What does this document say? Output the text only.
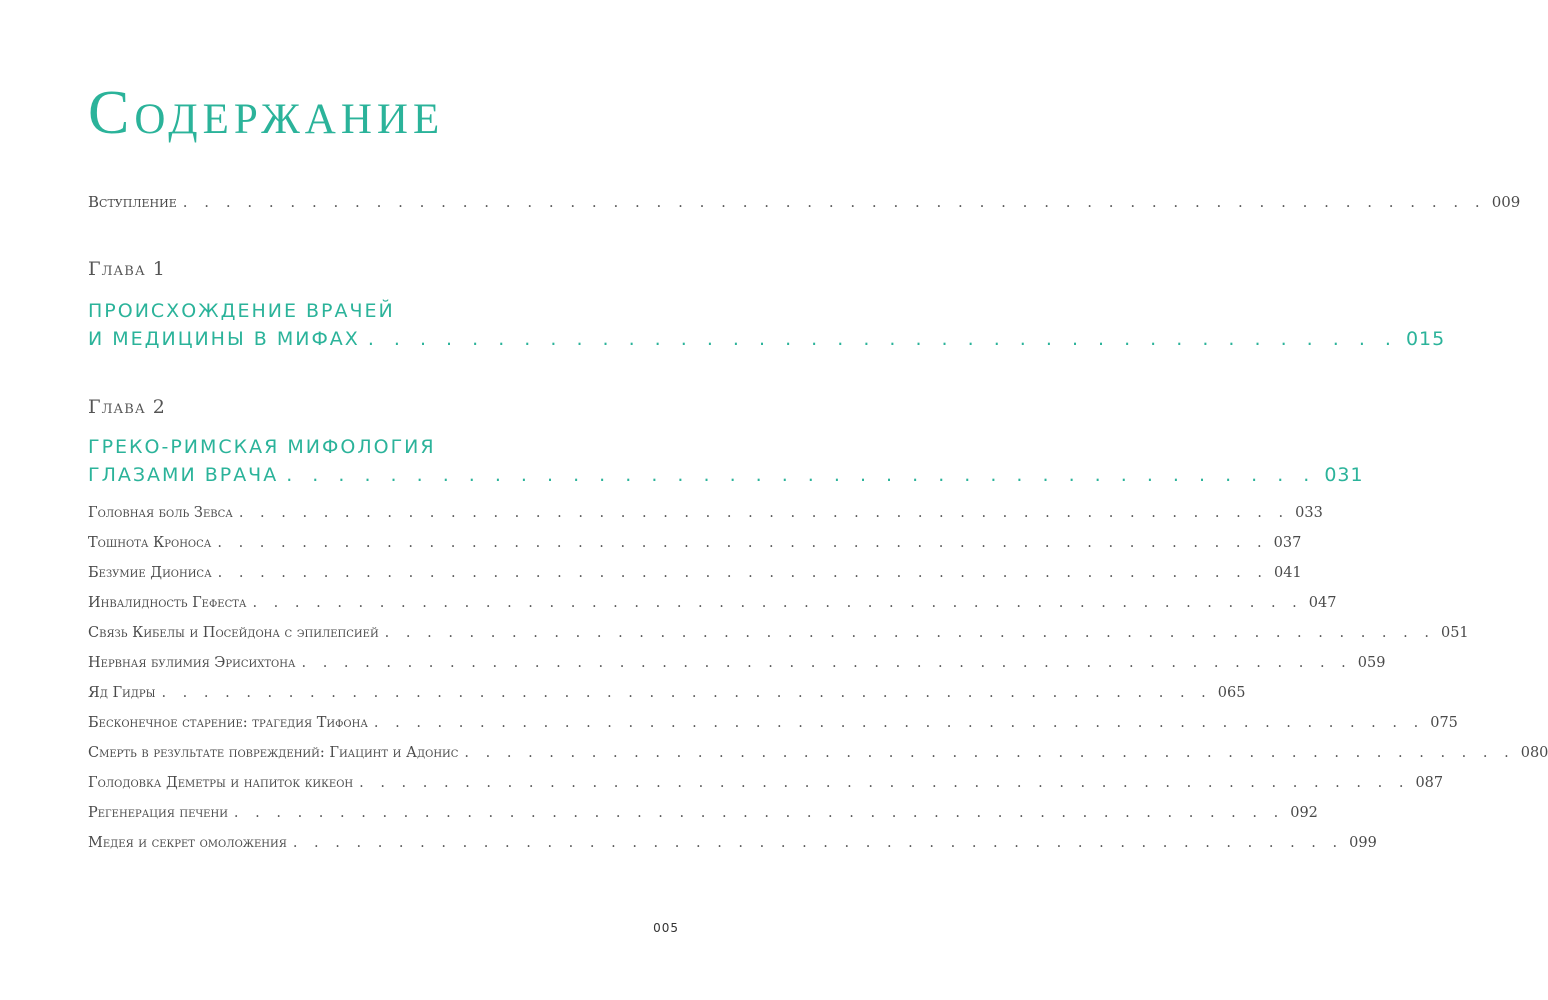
Содержание
Вступление . . . . . . . . . . . . . . . . . . . . . . . . . . . . . . . . . . . . . . . . . . . . . . . . . . . . . . . . . . . . . 009
Глава 1
ПРОИСХОЖДЕНИЕ ВРАЧЕЙ
И МЕДИЦИНЫ В МИФАХ . . . . . . . . . . . . . . . . . . . . . . . . . . . . . . . . . . . . . . . . 015
Глава 2
ГРЕКО-РИМСКАЯ МИФОЛОГИЯ
ГЛАЗАМИ ВРАЧА . . . . . . . . . . . . . . . . . . . . . . . . . . . . . . . . . . . . . . . . 031
Головная боль Зевса . . . . . . . . . . . . . . . . . . . . . . . . . . . . . . . . . . . . . . . . . . . . . . . . . . 033
Тошнота Кроноса . . . . . . . . . . . . . . . . . . . . . . . . . . . . . . . . . . . . . . . . . . . . . . . . . . 037
Безумие Диониса . . . . . . . . . . . . . . . . . . . . . . . . . . . . . . . . . . . . . . . . . . . . . . . . . . 041
Инвалидность Гефеста . . . . . . . . . . . . . . . . . . . . . . . . . . . . . . . . . . . . . . . . . . . . . . . . . . 047
Связь Кибелы и Посейдона с эпилепсией . . . . . . . . . . . . . . . . . . . . . . . . . . . . . . . . . . . . . . . . . . . . . . . . . . 051
Нервная булимия Эрисихтона . . . . . . . . . . . . . . . . . . . . . . . . . . . . . . . . . . . . . . . . . . . . . . . . . . 059
Яд Гидры . . . . . . . . . . . . . . . . . . . . . . . . . . . . . . . . . . . . . . . . . . . . . . . . . . 065
Бесконечное старение: трагедия Тифона . . . . . . . . . . . . . . . . . . . . . . . . . . . . . . . . . . . . . . . . . . . . . . . . . . 075
Смерть в результате повреждений: Гиацинт и Адонис . . . . . . . . . . . . . . . . . . . . . . . . . . . . . . . . . . . . . . . . . . . . . . . . . . 080
Голодовка Деметры и напиток кикеон . . . . . . . . . . . . . . . . . . . . . . . . . . . . . . . . . . . . . . . . . . . . . . . . . . 087
Регенерация печени . . . . . . . . . . . . . . . . . . . . . . . . . . . . . . . . . . . . . . . . . . . . . . . . . . 092
Медея и секрет омоложения . . . . . . . . . . . . . . . . . . . . . . . . . . . . . . . . . . . . . . . . . . . . . . . . . . 099
005
